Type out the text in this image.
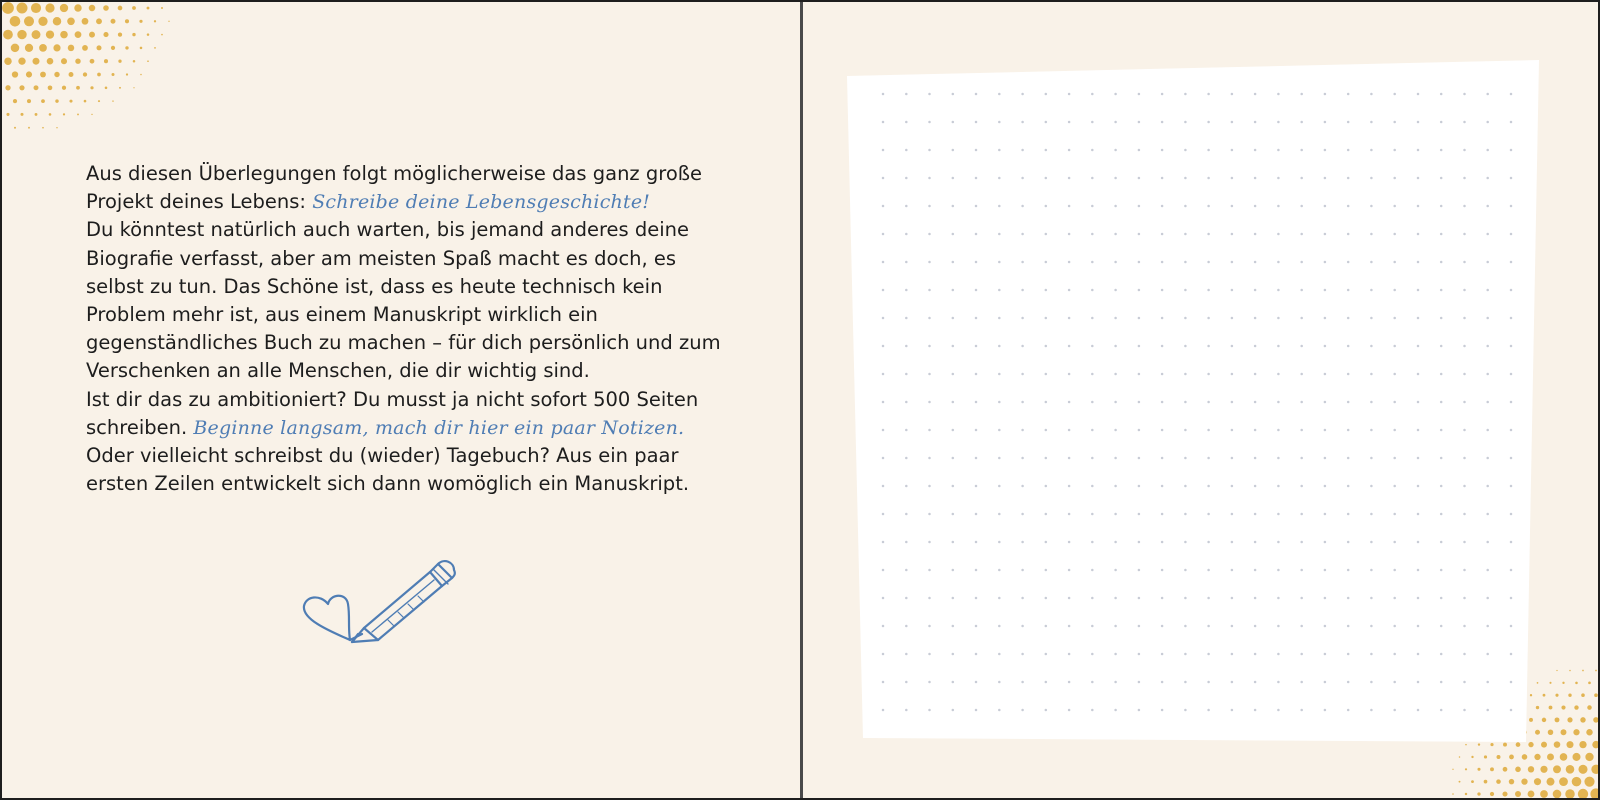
Aus diesen Überlegungen folgt möglicherweise das ganz große Projekt deines Lebens: Schreibe deine Lebensgeschichte!

Du könntest natürlich auch warten, bis jemand anderes deine Biografie verfasst, aber am meisten Spaß macht es doch, es selbst zu tun. Das Schöne ist, dass es heute technisch kein Problem mehr ist, aus einem Manuskript wirklich ein gegenständliches Buch zu machen – für dich persönlich und zum Verschenken an alle Menschen, die dir wichtig sind.

Ist dir das zu ambitioniert? Du musst ja nicht sofort 500 Seiten schreiben. Beginne langsam, mach dir hier ein paar Notizen. Oder vielleicht schreibst du (wieder) Tagebuch? Aus ein paar ersten Zeilen entwickelt sich dann womöglich ein Manuskript.
